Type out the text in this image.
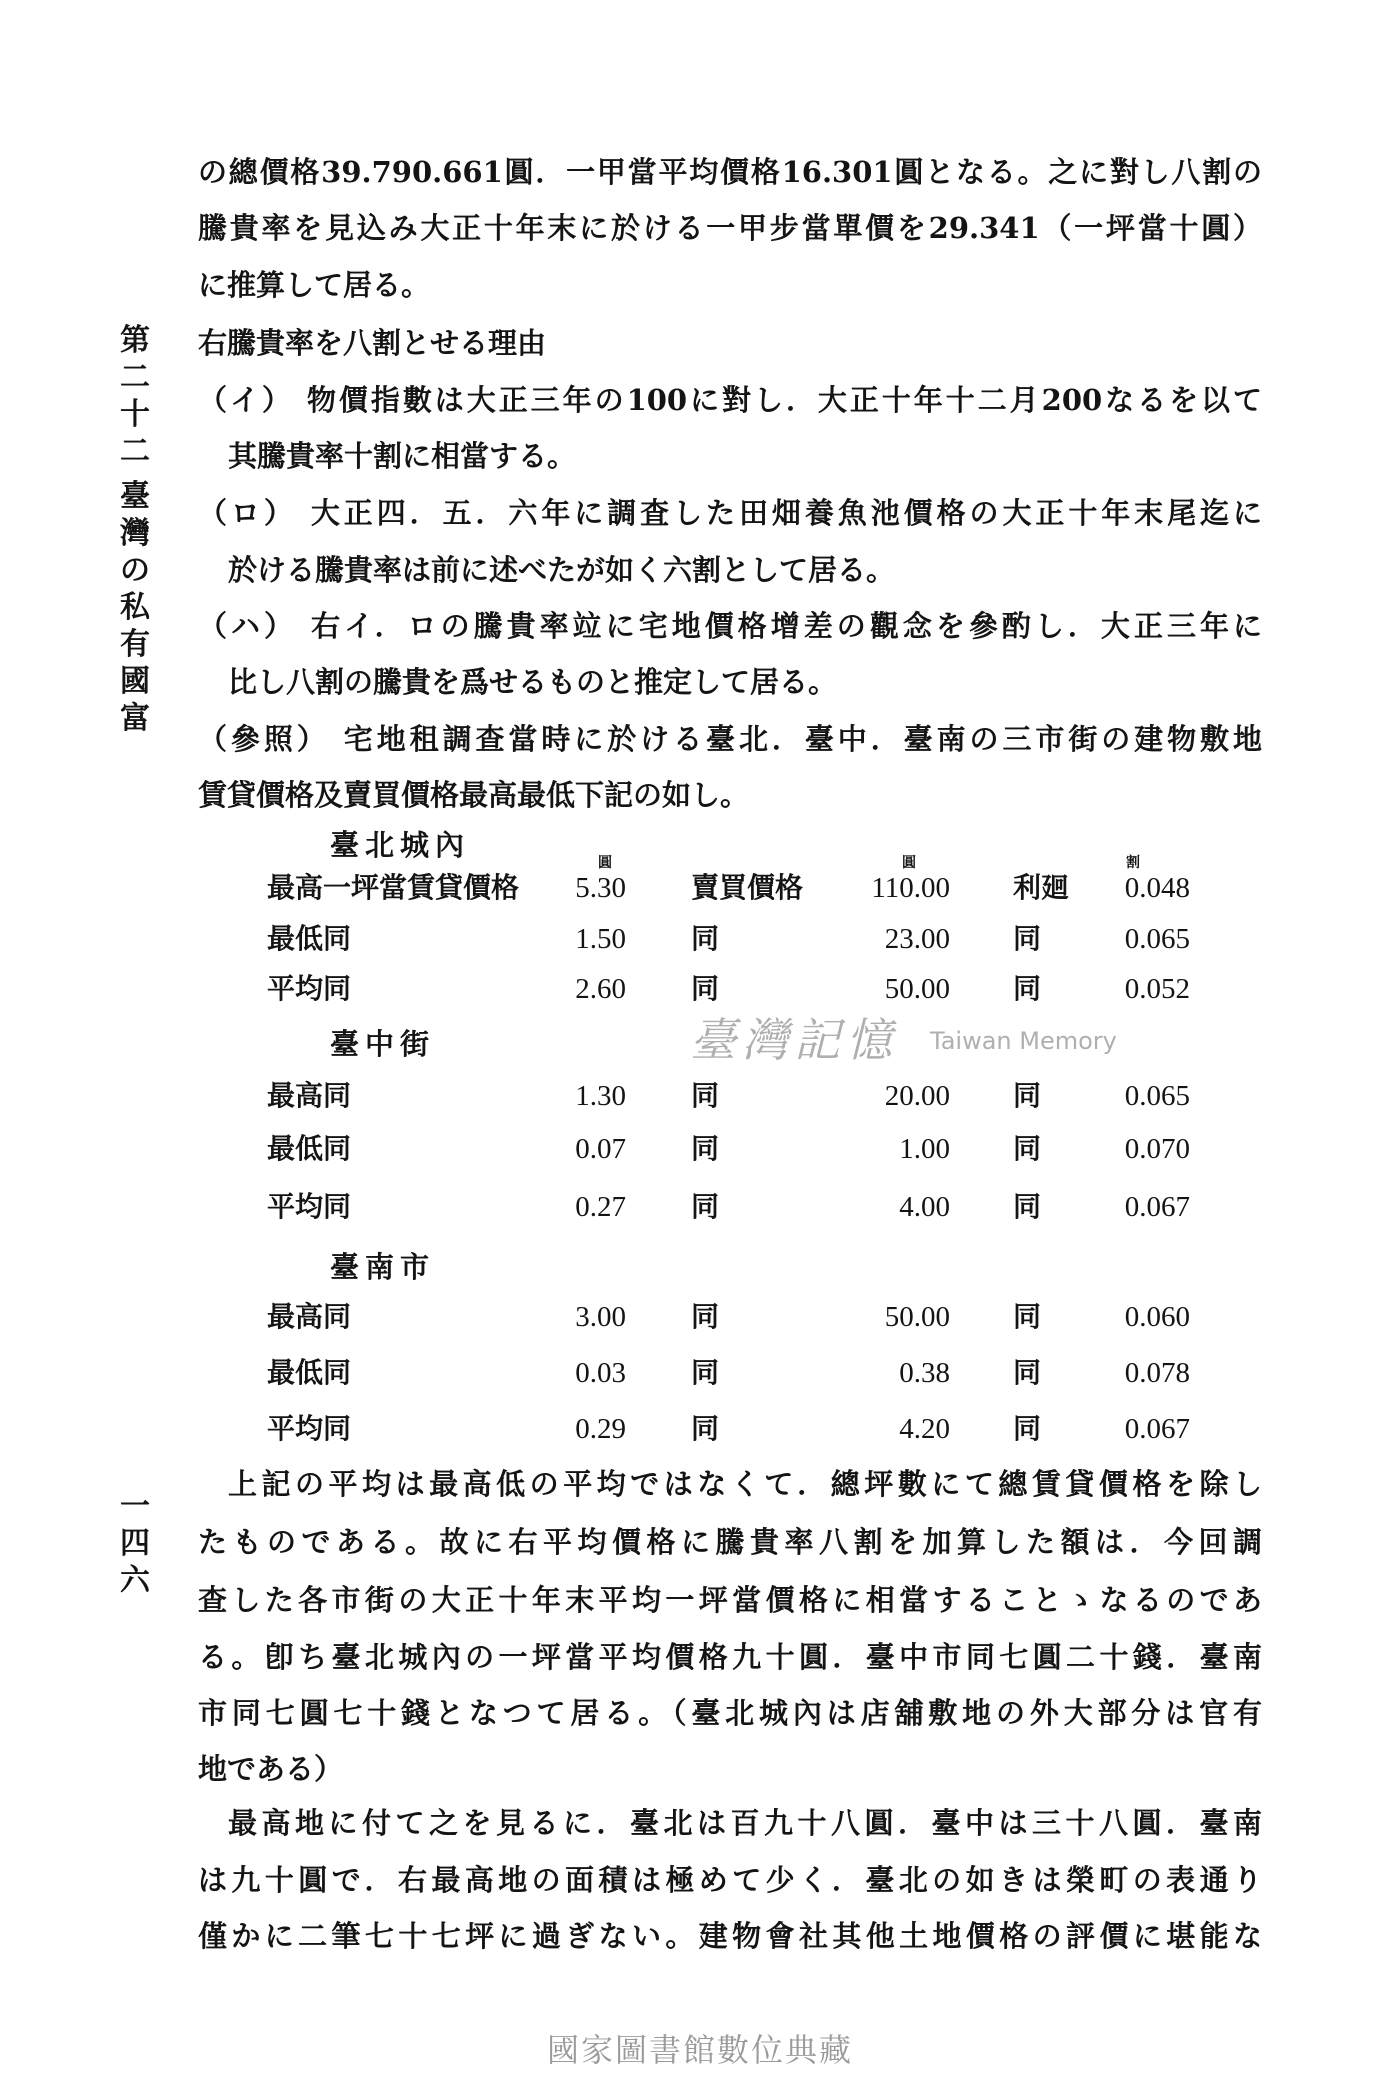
第二十二
臺灣の私有國富
一四六
の總價格39.790.661圓．一甲當平均價格16.301圓となる。之に對し八割の
騰貴率を見込み大正十年末に於ける一甲步當單價を29.341（一坪當十圓）
に推算して居る。
右騰貴率を八割とせる理由
（イ） 物價指數は大正三年の100に對し．大正十年十二月200なるを以て
其騰貴率十割に相當する。
（ロ） 大正四．五．六年に調査した田畑養魚池價格の大正十年末尾迄に
於ける騰貴率は前に述べたが如く六割として居る。
（ハ） 右イ．ロの騰貴率竝に宅地價格增差の觀念を參酌し．大正三年に
比し八割の騰貴を爲せるものと推定して居る。
（參照） 宅地租調查當時に於ける臺北．臺中．臺南の三市街の建物敷地
賃貸價格及賣買價格最高最低下記の如し。
圓	圓	割
臺北城內
最高一坪當賃貸價格	5.30 賣買價格	110.00 利廻	0.048
最低同	1.50 同	23.00 同	0.065
平均同	2.60 同	50.00 同	0.052
臺中街
最高同	1.30 同	20.00 同	0.065
最低同	0.07 同	1.00 同	0.070
平均同	0.27 同	4.00 同	0.067
臺南市
最高同	3.00 同	50.00 同	0.060
最低同	0.03 同	0.38 同	0.078
平均同	0.29 同	4.20 同	0.067
上記の平均は最高低の平均ではなくて．總坪數にて總賃貸價格を除し
たものである。故に右平均價格に騰貴率八割を加算した額は．今回調
查した各市街の大正十年末平均一坪當價格に相當することゝなるのであ
る。卽ち臺北城內の一坪當平均價格九十圓．臺中市同七圓二十錢．臺南
市同七圓七十錢となつて居る。（臺北城內は店舖敷地の外大部分は官有
地である）
最高地に付て之を見るに．臺北は百九十八圓．臺中は三十八圓．臺南
は九十圓で．右最高地の面積は極めて少く．臺北の如きは榮町の表通り
僅かに二筆七十七坪に過ぎない。建物會社其他土地價格の評價に堪能な
臺灣記憶 Taiwan Memory
國家圖書館數位典藏
